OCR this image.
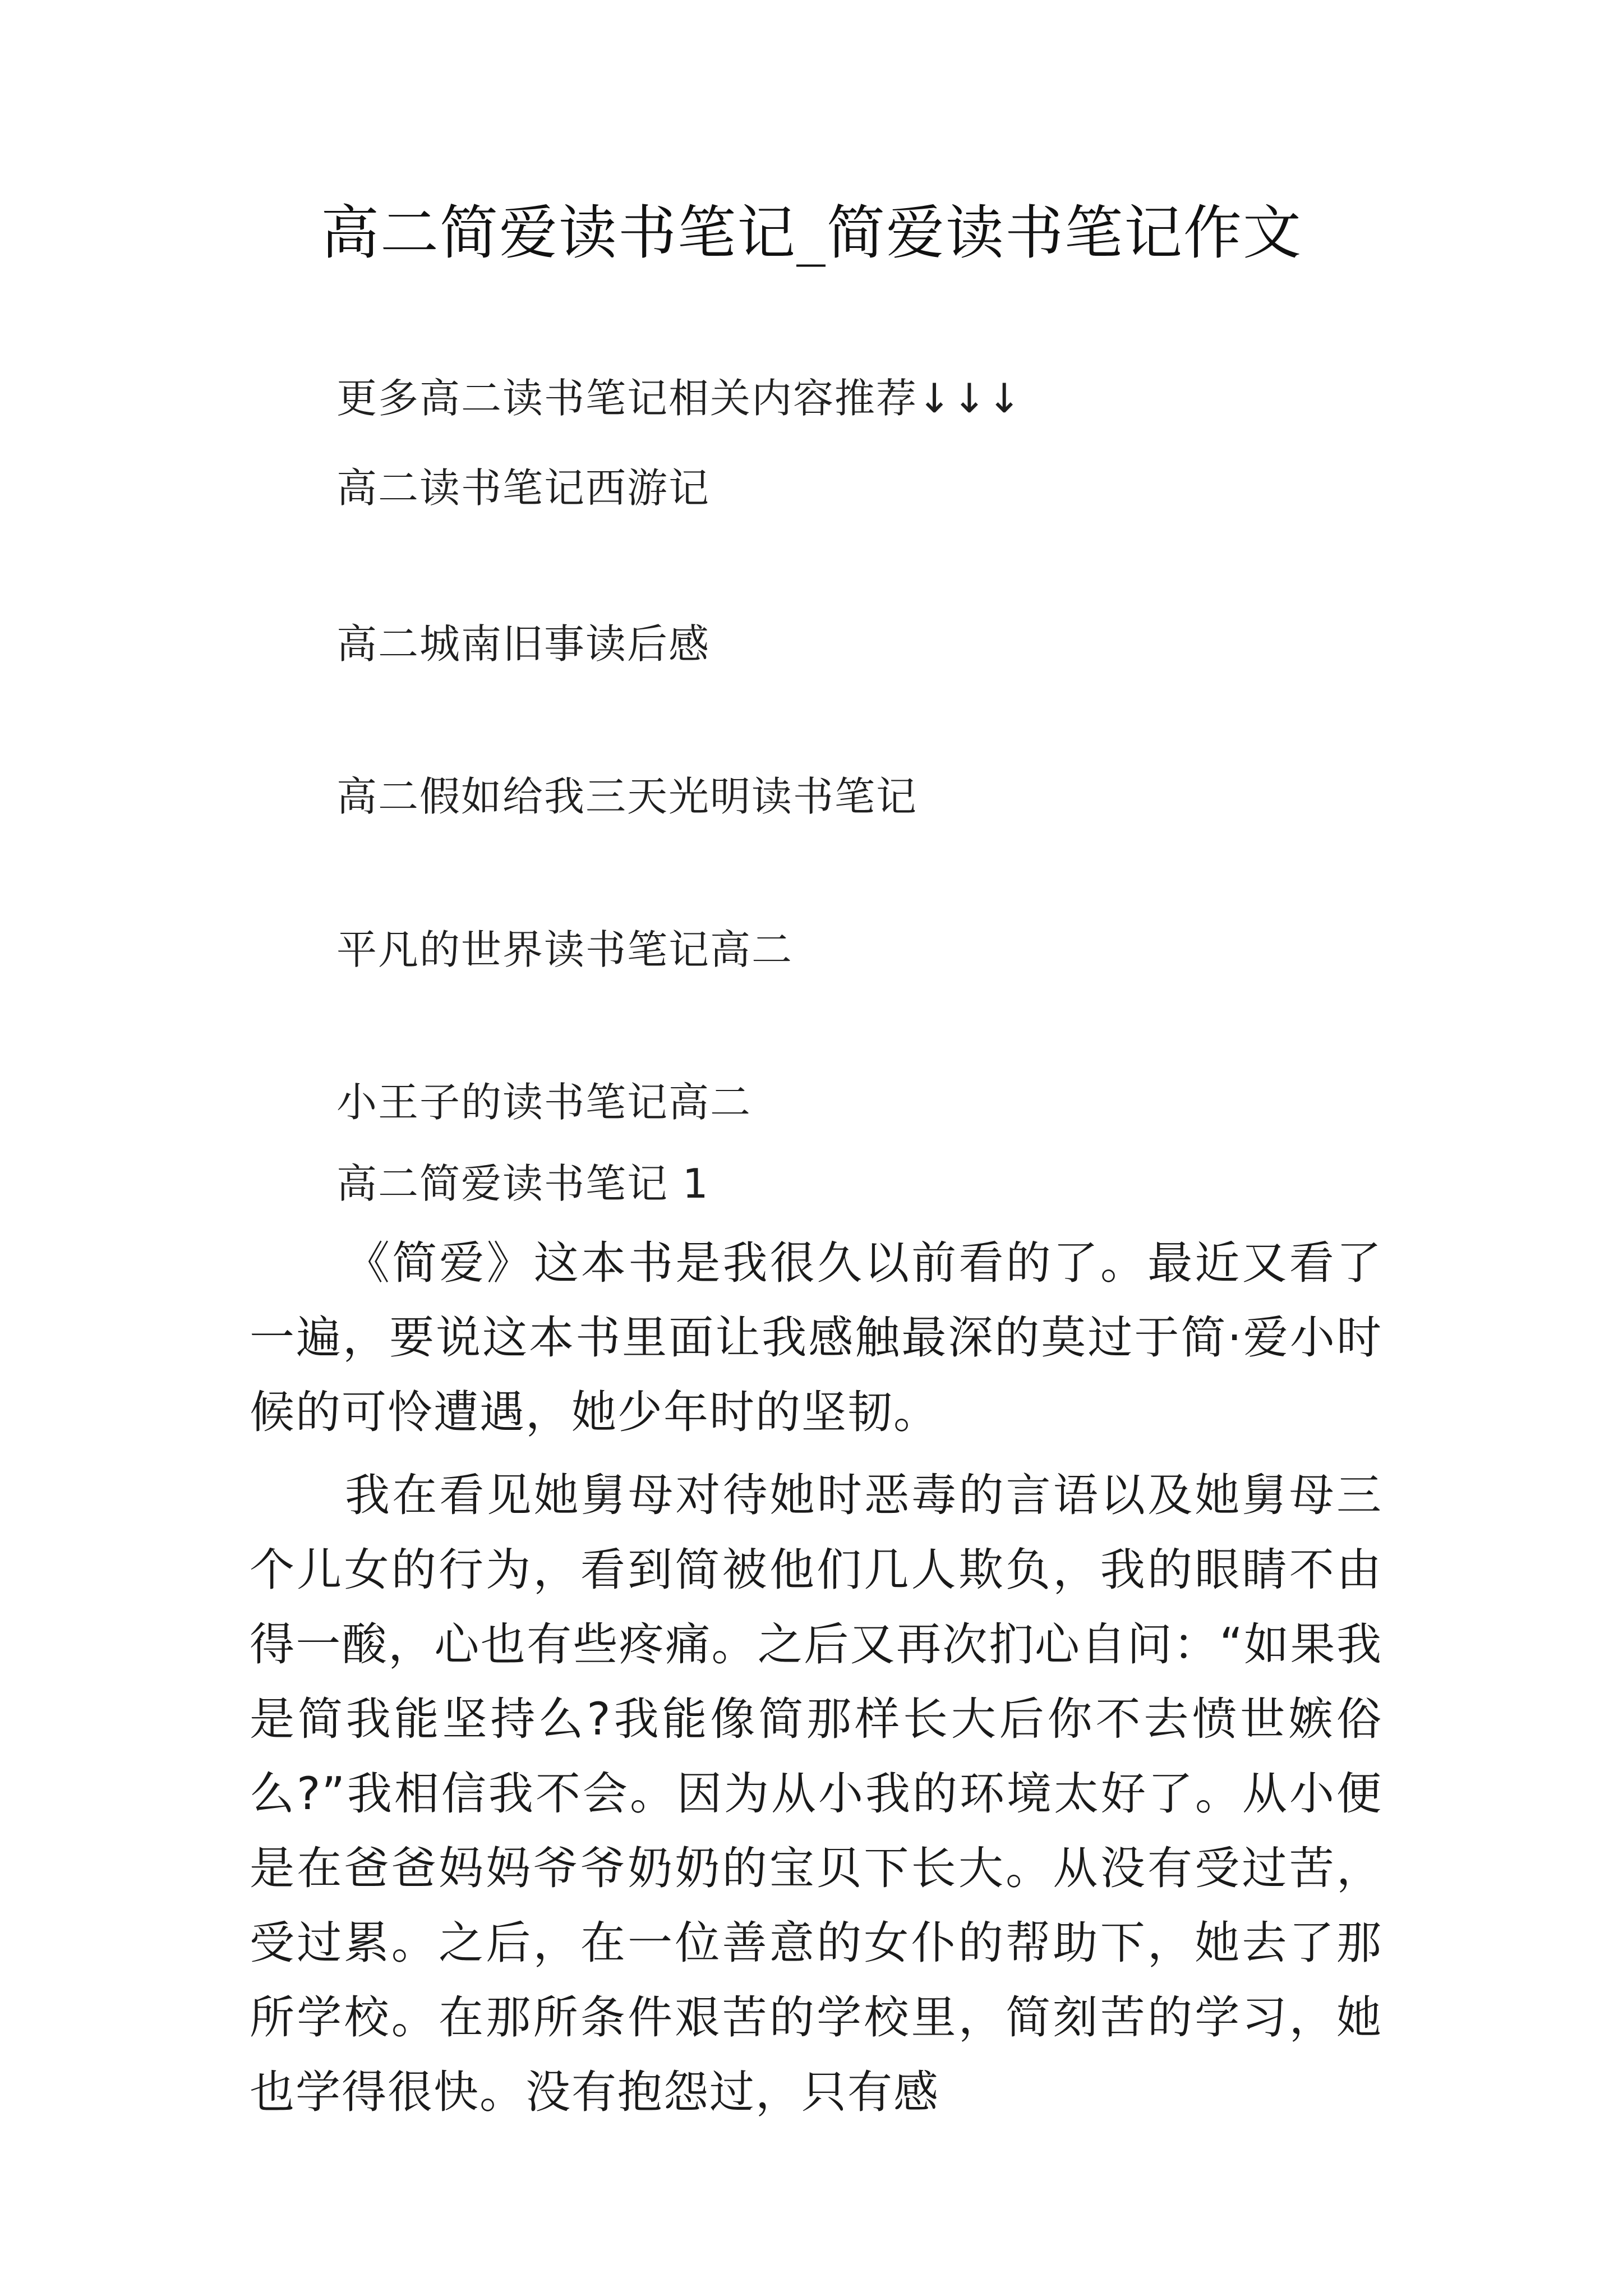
高二简爱读书笔记_简爱读书笔记作文
更多高二读书笔记相关内容推荐↓↓↓
高二读书笔记西游记
高二城南旧事读后感
高二假如给我三天光明读书笔记
平凡的世界读书笔记高二
小王子的读书笔记高二
高二简爱读书笔记 1

《简爱》这本书是我很久以前看的了。最近又看了一遍，要说这本书里面让我感触最深的莫过于简·爱小时候的可怜遭遇，她少年时的坚韧。

我在看见她舅母对待她时恶毒的言语以及她舅母三个儿女的行为，看到简被他们几人欺负，我的眼睛不由得一酸，心也有些疼痛。之后又再次扪心自问：“如果我是简我能坚持么?我能像简那样长大后你不去愤世嫉俗么?”我相信我不会。因为从小我的环境太好了。从小便是在爸爸妈妈爷爷奶奶的宝贝下长大。从没有受过苦，受过累。之后，在一位善意的女仆的帮助下，她去了那所学校。在那所条件艰苦的学校里，简刻苦的学习，她也学得很快。没有抱怨过，只有感
